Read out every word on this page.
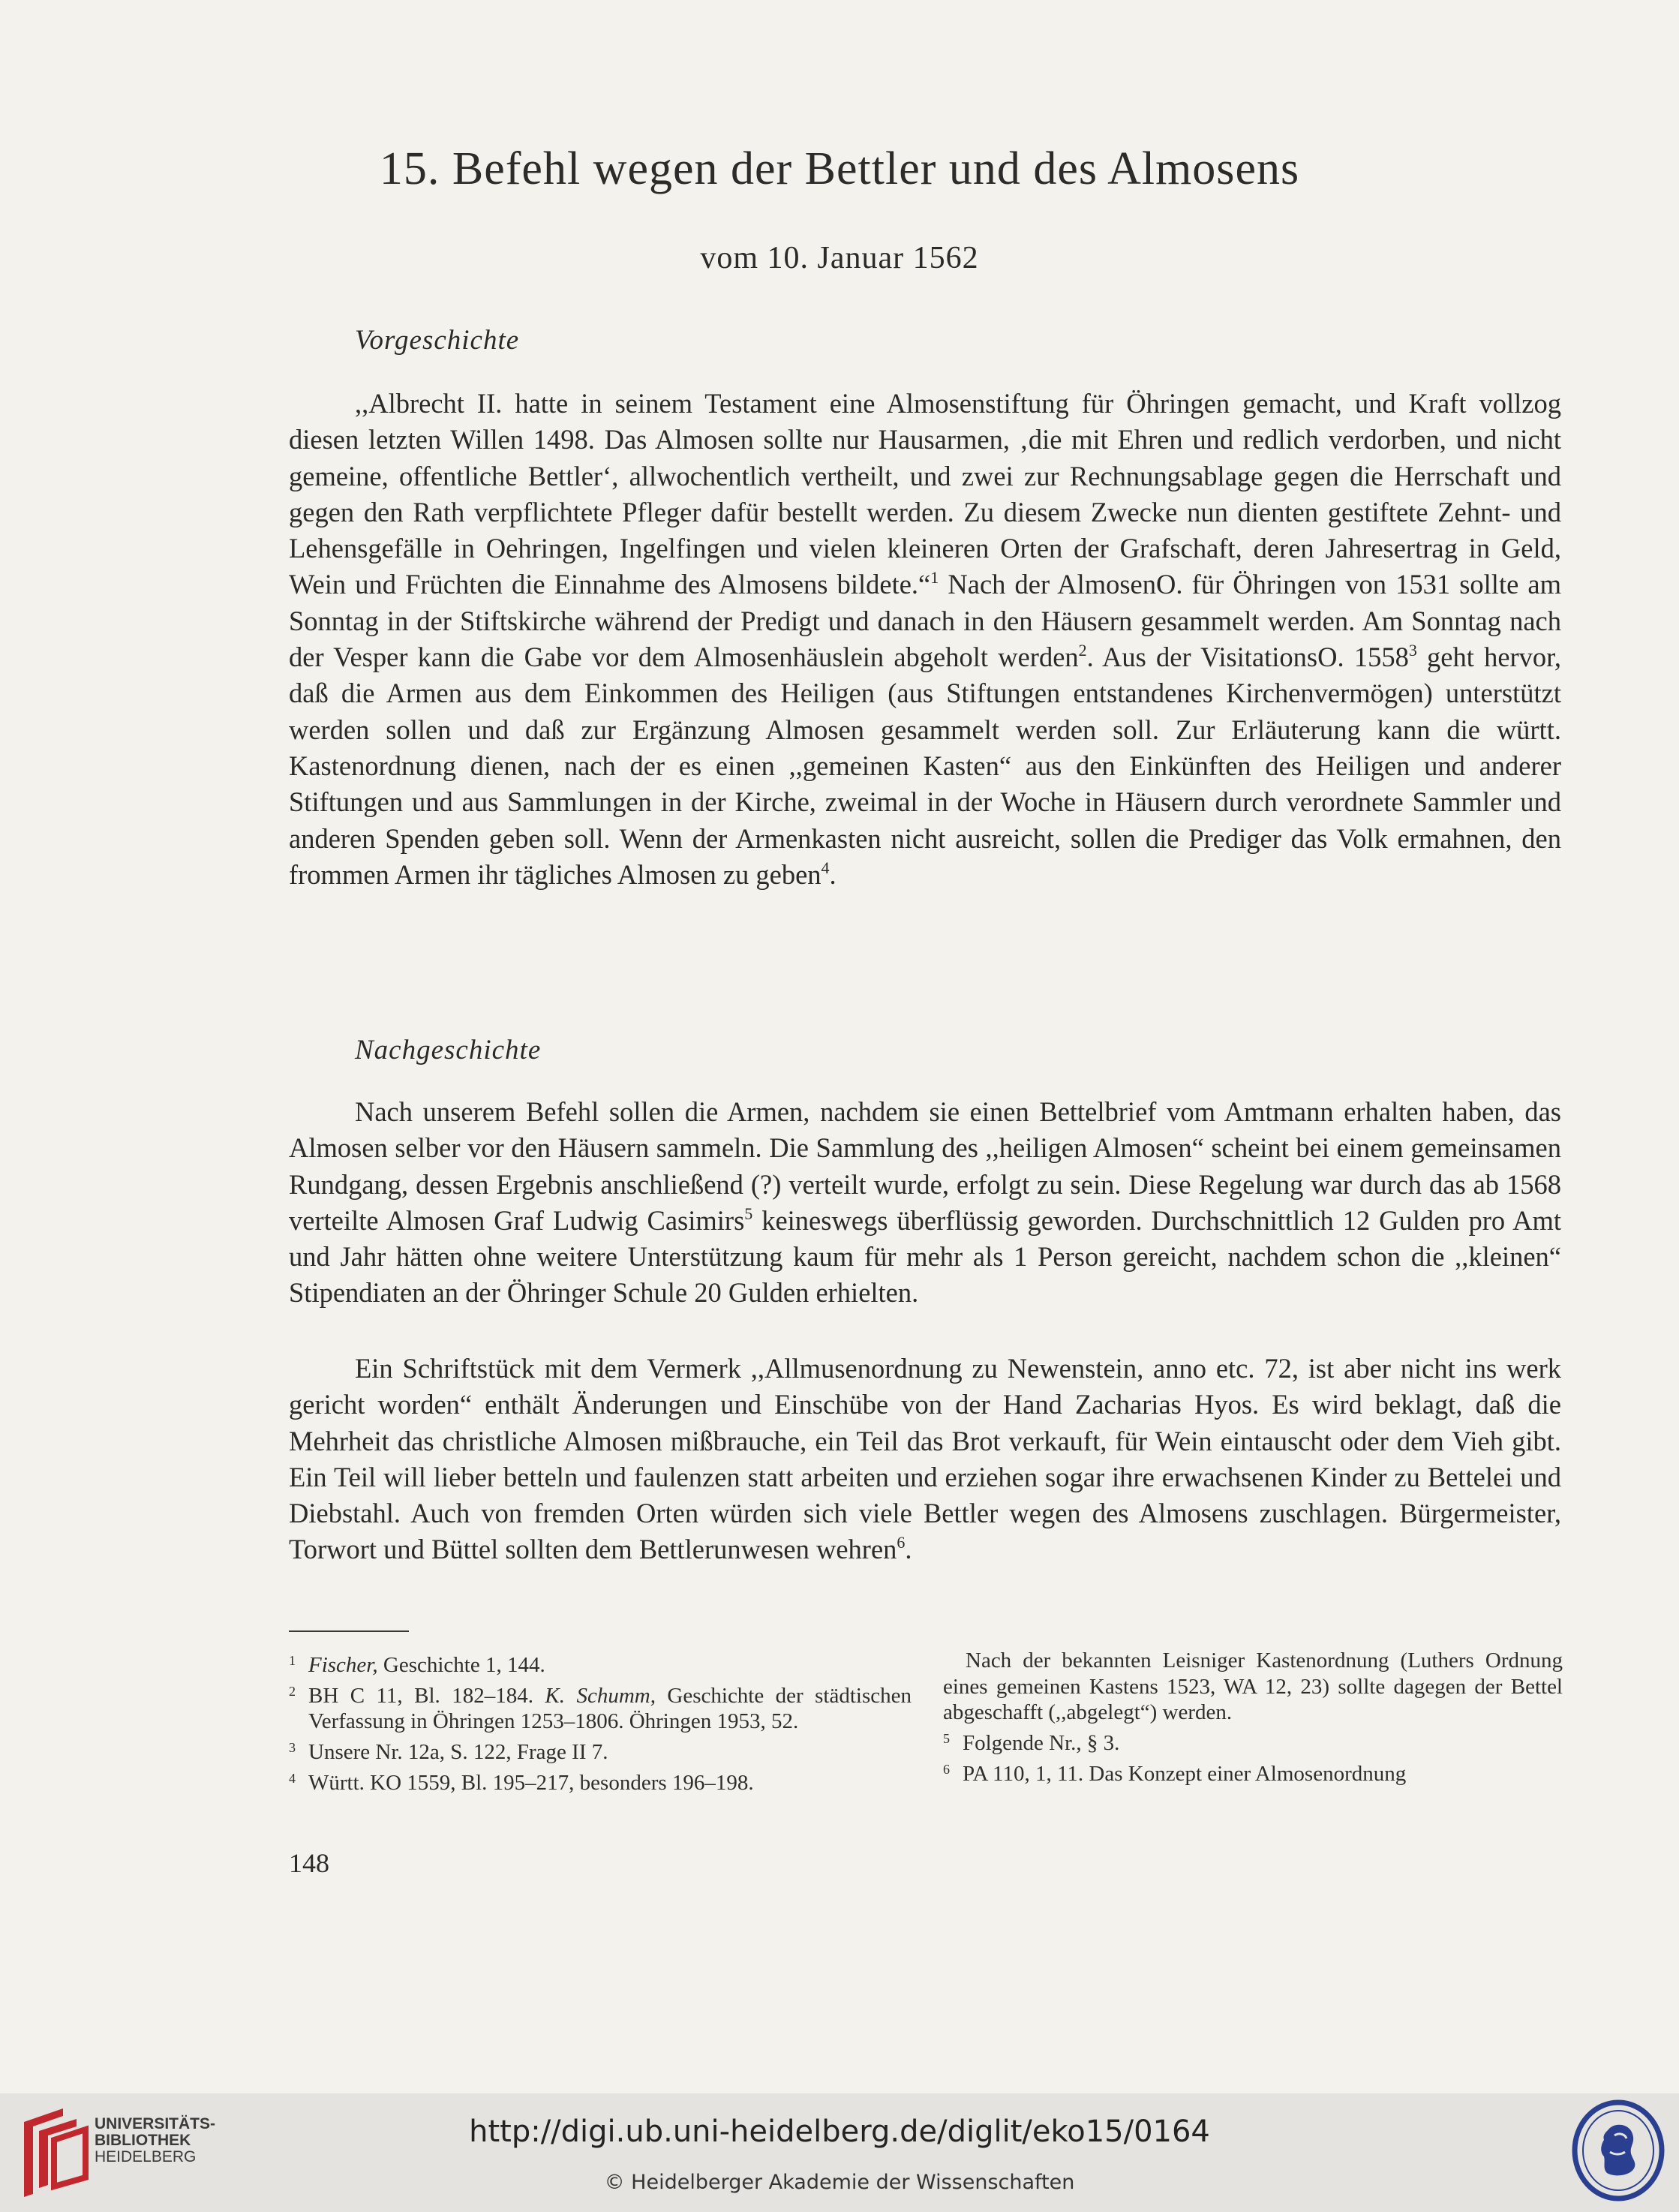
15. Befehl wegen der Bettler und des Almosens
vom 10. Januar 1562
Vorgeschichte

,,Albrecht II. hatte in seinem Testament eine Almosenstiftung für Öhringen gemacht, und Kraft vollzog diesen letzten Willen 1498. Das Almosen sollte nur Hausarmen, ‚die mit Ehren und redlich verdorben, und nicht gemeine, offentliche Bettler‘, allwochentlich vertheilt, und zwei zur Rechnungsablage gegen die Herrschaft und gegen den Rath verpflichtete Pfleger dafür bestellt werden. Zu diesem Zwecke nun dienten gestiftete Zehnt- und Lehensgefälle in Oehringen, Ingelfingen und vielen kleineren Orten der Grafschaft, deren Jahresertrag in Geld, Wein und Früchten die Einnahme des Almosens bildete.“$^1$ Nach der AlmosenO. für Öhringen von 1531 sollte am Sonntag in der Stiftskirche während der Predigt und danach in den Häusern gesammelt werden. Am Sonntag nach der Vesper kann die Gabe vor dem Almosenhäuslein abgeholt werden$^2$. Aus der VisitationsO. 1558$^3$ geht hervor, daß die Armen aus dem Einkommen des Heiligen (aus Stiftungen entstandenes Kirchenvermögen) unterstützt werden sollen und daß zur Ergänzung Almosen gesammelt werden soll. Zur Erläuterung kann die württ. Kastenordnung dienen, nach der es einen ,,gemeinen Kasten“ aus den Einkünften des Heiligen und anderer Stiftungen und aus Sammlungen in der Kirche, zweimal in der Woche in Häusern durch verordnete Sammler und anderen Spenden geben soll. Wenn der Armenkasten nicht ausreicht, sollen die Prediger das Volk ermahnen, den frommen Armen ihr tägliches Almosen zu geben$^4$.

Nachgeschichte

Nach unserem Befehl sollen die Armen, nachdem sie einen Bettelbrief vom Amtmann erhalten haben, das Almosen selber vor den Häusern sammeln. Die Sammlung des ,,heiligen Almosen“ scheint bei einem gemeinsamen Rundgang, dessen Ergebnis anschließend (?) verteilt wurde, erfolgt zu sein. Diese Regelung war durch das ab 1568 verteilte Almosen Graf Ludwig Casimirs$^5$ keineswegs überflüssig geworden. Durchschnittlich 12 Gulden pro Amt und Jahr hätten ohne weitere Unterstützung kaum für mehr als 1 Person gereicht, nachdem schon die ,,kleinen“ Stipendiaten an der Öhringer Schule 20 Gulden erhielten.

Ein Schriftstück mit dem Vermerk ,,Allmusenordnung zu Newenstein, anno etc. 72, ist aber nicht ins werk gericht worden“ enthält Änderungen und Einschübe von der Hand Zacharias Hyos. Es wird beklagt, daß die Mehrheit das christliche Almosen mißbrauche, ein Teil das Brot verkauft, für Wein eintauscht oder dem Vieh gibt. Ein Teil will lieber betteln und faulenzen statt arbeiten und erziehen sogar ihre erwachsenen Kinder zu Bettelei und Diebstahl. Auch von fremden Orten würden sich viele Bettler wegen des Almosens zuschlagen. Bürgermeister, Torwort und Büttel sollten dem Bettlerunwesen wehren$^6$.

1 Fischer, Geschichte 1, 144.

2 BH C 11, Bl. 182–184. K. Schumm, Geschichte der städtischen Verfassung in Öhringen 1253–1806. Öhringen 1953, 52.

3 Unsere Nr. 12a, S. 122, Frage II 7.

4 Württ. KO 1559, Bl. 195–217, besonders 196–198.

Nach der bekannten Leisniger Kastenordnung (Luthers Ordnung eines gemeinen Kastens 1523, WA 12, 23) sollte dagegen der Bettel abgeschafft (,,abgelegt“) werden.

5 Folgende Nr., § 3.

6 PA 110, 1, 11. Das Konzept einer Almosenordnung

148
UNIVERSITÄTS-
BIBLIOTHEK
HEIDELBERG
http://digi.ub.uni-heidelberg.de/diglit/eko15/0164
© Heidelberger Akademie der Wissenschaften
